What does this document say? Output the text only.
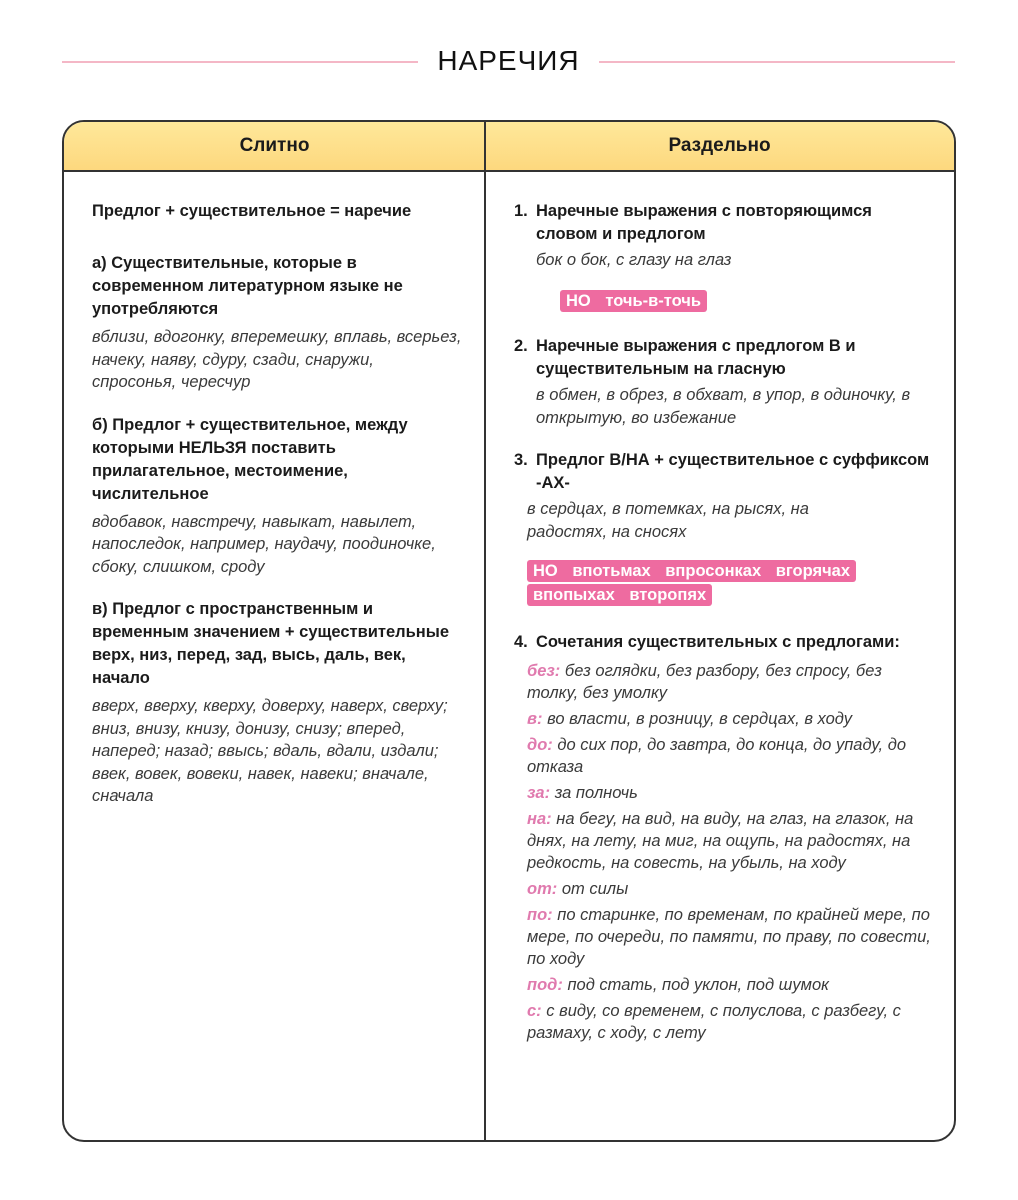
НАРЕЧИЯ
Слитно	Раздельно
Предлог + существительное = наречие
а) Существительные, которые в современном литературном языке не употребляются
вблизи, вдогонку, вперемешку, вплавь, всерьез, начеку, наяву, сдуру, сзади, снаружи, спросонья, чересчур
б) Предлог + существительное, между которыми НЕЛЬЗЯ поставить прилагательное, местоимение, числительное
вдобавок, навстречу, навыкат, навылет, напоследок, например, наудачу, поодиночке, сбоку, слишком, сроду
в) Предлог с пространственным и временным значением + существительные верх, низ, перед, зад, высь, даль, век, начало
вверх, вверху, кверху, доверху, наверх, сверху; вниз, внизу, книзу, донизу, снизу; вперед, наперед; назад; ввысь; вдаль, вдали, издали; ввек, вовек, вовеки, навек, навеки; вначале, сначала
1. Наречные выражения с повторяющимся словом и предлогом
бок о бок, с глазу на глаз
НО точь-в-точь
2. Наречные выражения с предлогом В и существительным на гласную
в обмен, в обрез, в обхват, в упор, в одиночку, в открытую, во избежание
3. Предлог В/НА + существительное с суффиксом -АХ-
в сердцах, в потемках, на рысях, на радостях, на сносях
НО впотьмах впросонках вгорячах впопыхах второпях
4. Сочетания существительных с предлогами:
без: без оглядки, без разбору, без спросу, без толку, без умолку
в: во власти, в розницу, в сердцах, в ходу
до: до сих пор, до завтра, до конца, до упаду, до отказа
за: за полночь
на: на бегу, на вид, на виду, на глаз, на глазок, на днях, на лету, на миг, на ощупь, на радостях, на редкость, на совесть, на убыль, на ходу
от: от силы
по: по старинке, по временам, по крайней мере, по мере, по очереди, по памяти, по праву, по совести, по ходу
под: под стать, под уклон, под шумок
с: с виду, со временем, с полуслова, с разбегу, с размаху, с ходу, с лету
